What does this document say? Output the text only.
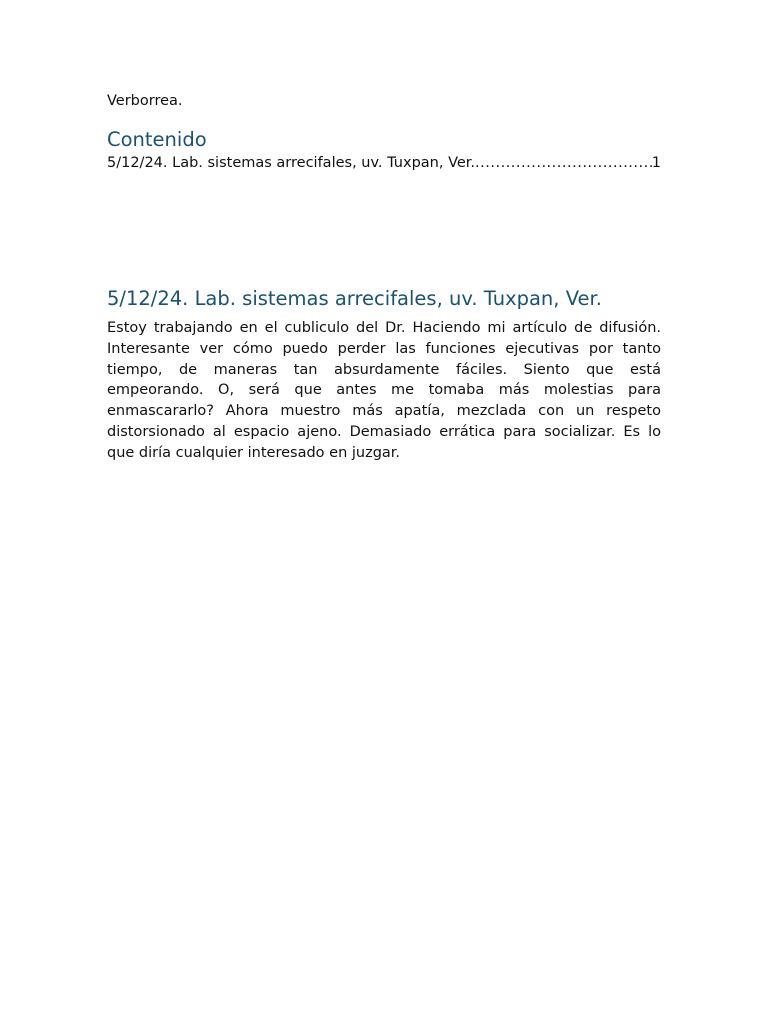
Verborrea.

Contenido
5/12/24. Lab. sistemas arrecifales, uv. Tuxpan, Ver.
.....	1
5/12/24. Lab. sistemas arrecifales, uv. Tuxpan, Ver.

Estoy trabajando en el cubliculo del Dr. Haciendo mi artículo de difusión. Interesante ver cómo puedo perder las funciones ejecutivas por tanto tiempo, de maneras tan absurdamente fáciles. Siento que está empeorando. O, será que antes me tomaba más molestias para enmascararlo? Ahora muestro más apatía, mezclada con un respeto distorsionado al espacio ajeno. Demasiado errática para socializar. Es lo que diría cualquier interesado en juzgar.
